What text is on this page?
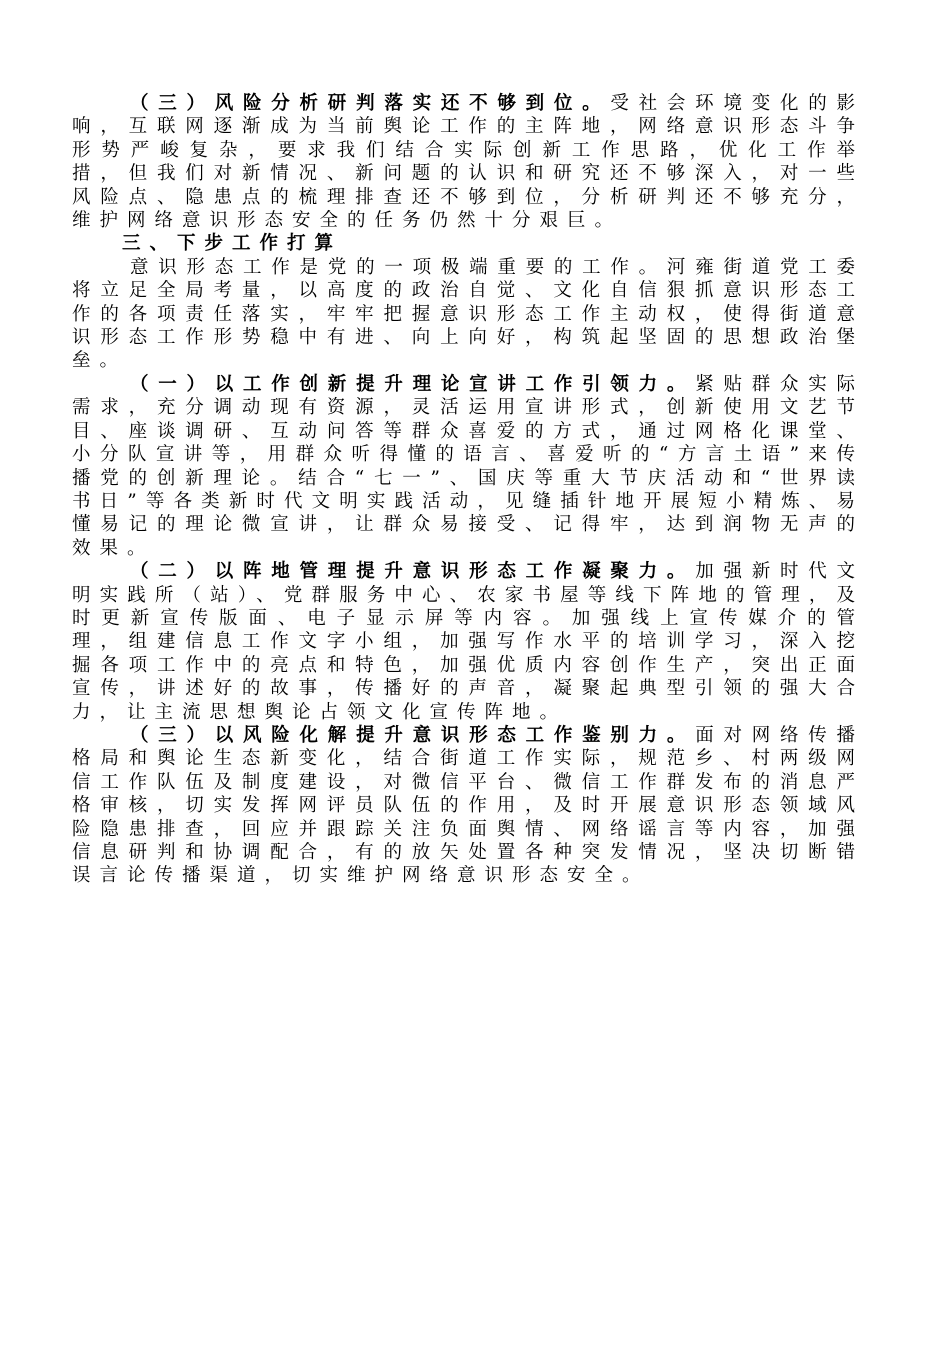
（三）风险分析研判落实还不够到位。受社会环境变化的影响，互联网逐渐成为当前舆论工作的主阵地，网络意识形态斗争形势严峻复杂，要求我们结合实际创新工作思路，优化工作举措，但我们对新情况、新问题的认识和研究还不够深入，对一些风险点、隐患点的梳理排查还不够到位，分析研判还不够充分，维护网络意识形态安全的任务仍然十分艰巨。

三、下步工作打算

意识形态工作是党的一项极端重要的工作。河雍街道党工委将立足全局考量，以高度的政治自觉、文化自信狠抓意识形态工作的各项责任落实，牢牢把握意识形态工作主动权，使得街道意识形态工作形势稳中有进、向上向好，构筑起坚固的思想政治堡垒。

（一）以工作创新提升理论宣讲工作引领力。紧贴群众实际需求，充分调动现有资源，灵活运用宣讲形式，创新使用文艺节目、座谈调研、互动问答等群众喜爱的方式，通过网格化课堂、小分队宣讲等，用群众听得懂的语言、喜爱听的“方言土语”来传播党的创新理论。结合“七一”、国庆等重大节庆活动和“世界读书日”等各类新时代文明实践活动，见缝插针地开展短小精炼、易懂易记的理论微宣讲，让群众易接受、记得牢，达到润物无声的效果。

（二）以阵地管理提升意识形态工作凝聚力。加强新时代文明实践所（站）、党群服务中心、农家书屋等线下阵地的管理，及时更新宣传版面、电子显示屏等内容。加强线上宣传媒介的管理，组建信息工作文字小组，加强写作水平的培训学习，深入挖掘各项工作中的亮点和特色，加强优质内容创作生产，突出正面宣传，讲述好的故事，传播好的声音，凝聚起典型引领的强大合力，让主流思想舆论占领文化宣传阵地。

（三）以风险化解提升意识形态工作鉴别力。面对网络传播格局和舆论生态新变化，结合街道工作实际，规范乡、村两级网信工作队伍及制度建设，对微信平台、微信工作群发布的消息严格审核，切实发挥网评员队伍的作用，及时开展意识形态领域风险隐患排查，回应并跟踪关注负面舆情、网络谣言等内容，加强信息研判和协调配合，有的放矢处置各种突发情况，坚决切断错误言论传播渠道，切实维护网络意识形态安全。
